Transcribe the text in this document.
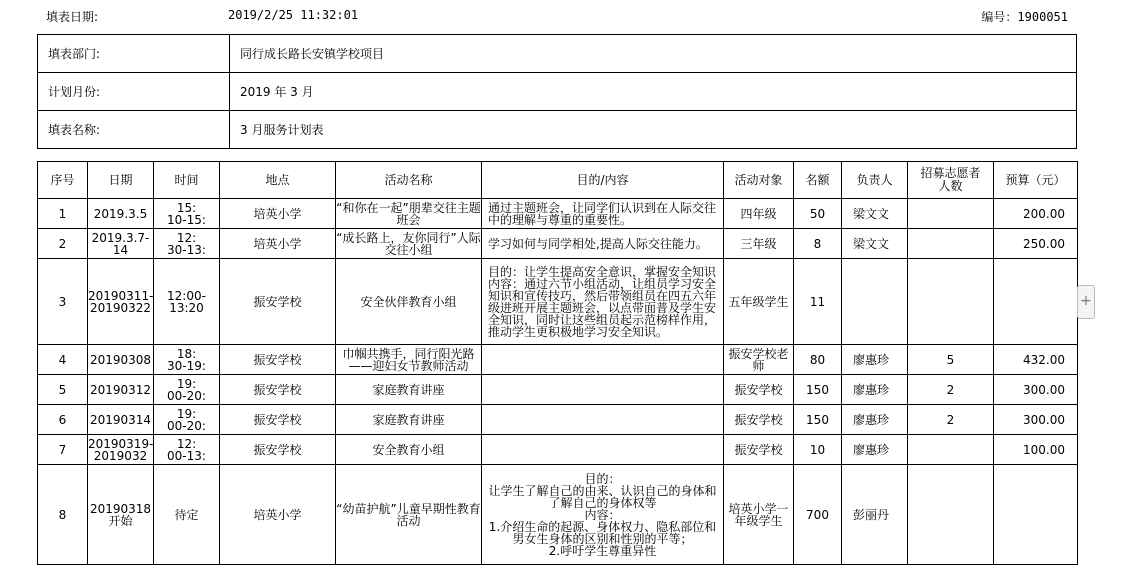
填表日期:	2019/2/25 11:32:01	编号：1900051
填表部门:	同行成长路长安镇学校项目
计划月份:	2019 年 3 月
填表名称:	3 月服务计划表
序号	日期	时间	地点	活动名称	目的/内容	活动对象	名额	负责人	招募志愿者人数	预算（元）
1	2019.3.5	15:
10-15:	培英小学	“和你在一起”朋辈交往主题班会	通过主题班会，让同学们认识到在人际交往中的理解与尊重的重要性。	四年级	50	梁文文		200.00
2	2019.3.7-14	12:
30-13:	培英小学	“成长路上，友你同行”人际交往小组	学习如何与同学相处,提高人际交往能力。	三年级	8	梁文文		250.00
3	20190311-20190322	12:00-13:20	振安学校	安全伙伴教育小组	目的：让学生提高安全意识，掌握安全知识内容：通过六节小组活动，让组员学习安全知识和宣传技巧，然后带领组员在四五六年级进班开展主题班会，以点带面普及学生安全知识，同时让这些组员起示范榜样作用，推动学生更积极地学习安全知识。	五年级学生	11			
4	20190308	18:
30-19:	振安学校	巾帼共携手，同行阳光路——迎妇女节教师活动		振安学校老师	80	廖惠珍	5	432.00
5	20190312	19:
00-20:	振安学校	家庭教育讲座		振安学校	150	廖惠珍	2	300.00
6	20190314	19:
00-20:	振安学校	家庭教育讲座		振安学校	150	廖惠珍	2	300.00
7	20190319-2019032	12:
00-13:	振安学校	安全教育小组		振安学校	10	廖惠珍		100.00
8	20190318开始	待定	培英小学	“幼苗护航”儿童早期性教育活动	目的：
让学生了解自己的由来、认识自己的身体和了解自己的身体权等
内容：
1.介绍生命的起源、身体权力、隐私部位和男女生身体的区别和性别的平等；
2.呼吁学生尊重异性	培英小学一年级学生	700	彭丽丹		
+
